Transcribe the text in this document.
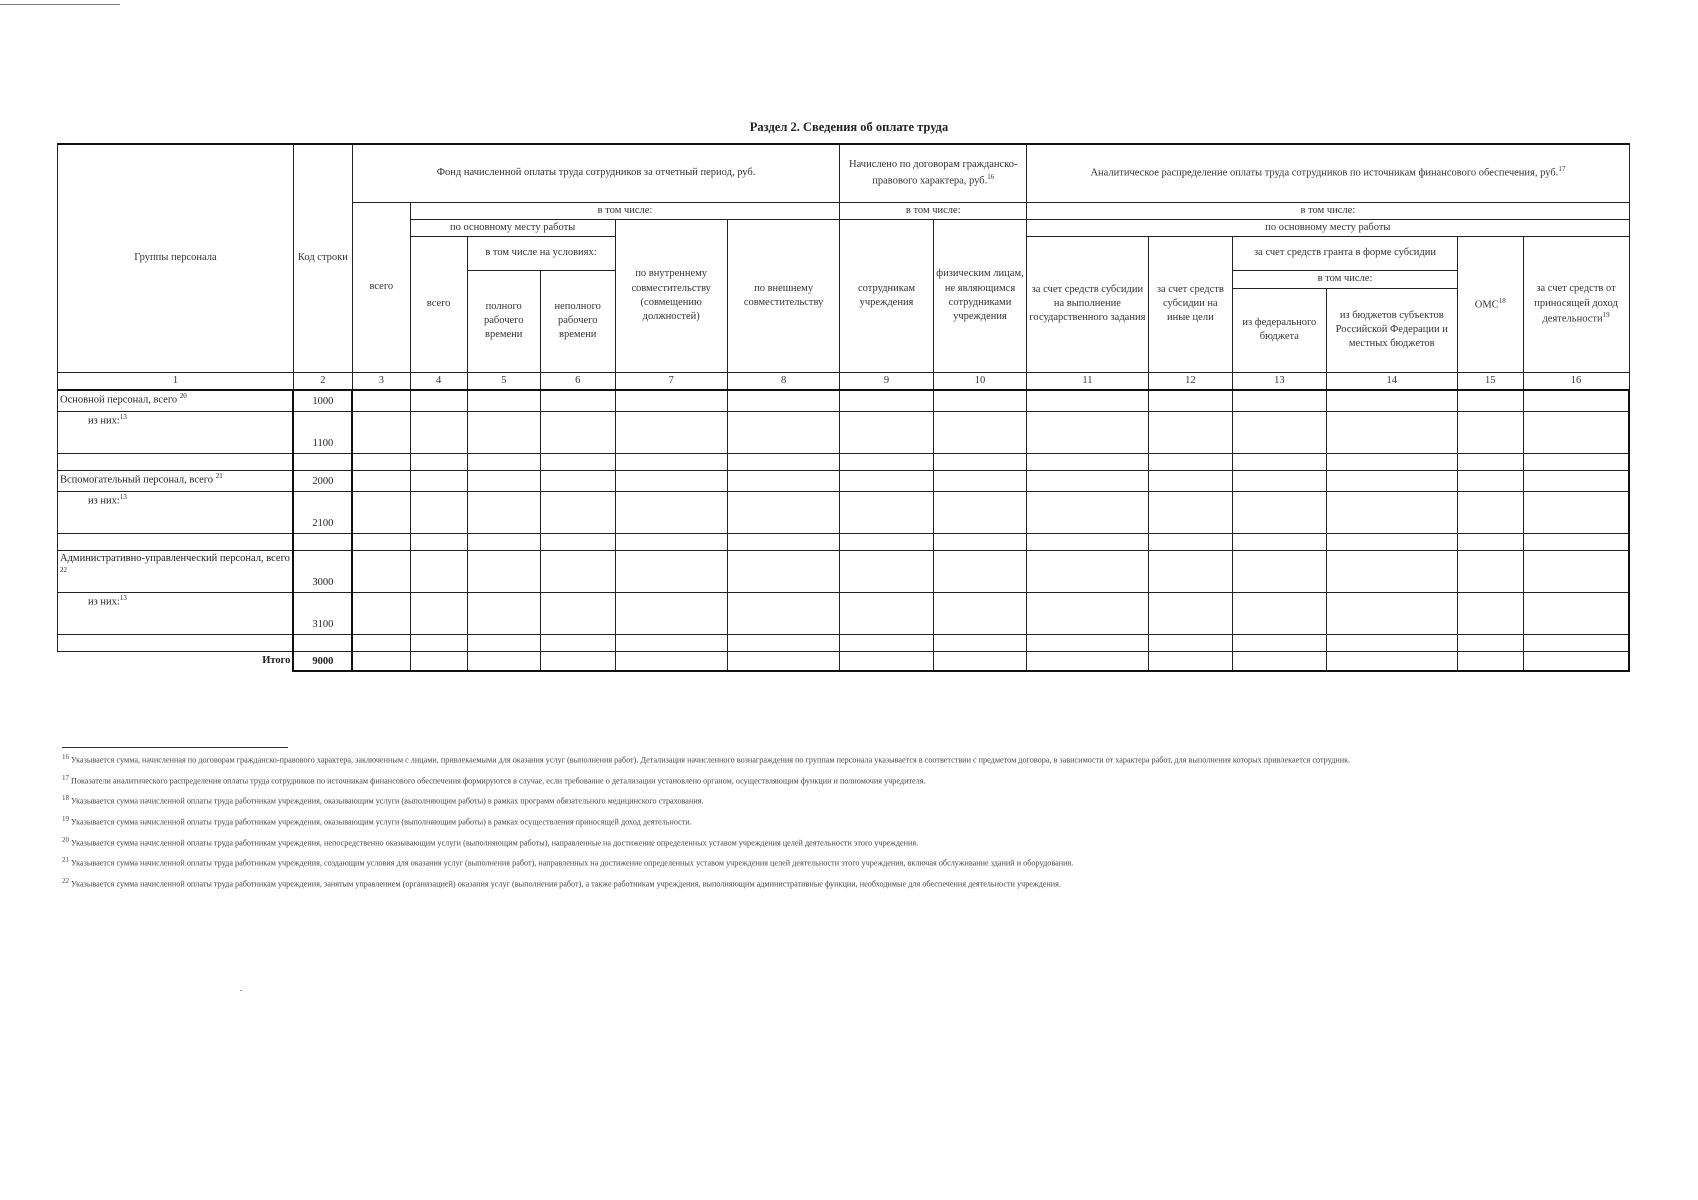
Раздел 2. Сведения об оплате труда
Группы персонала	Код строки	Фонд начисленной оплаты труда сотрудников за отчетный период, руб.						Начислено по договорам гражданско-правового характера, руб.$^{16}$		Аналитическое распределение оплаты труда сотрудников по источникам финансового обеспечения, руб.$^{17}$
		всего	в том числе:					в том числе:		в том числе:					
			по основному месту работы			по внутреннему совместительству (совмещению должностей)	по внешнему совместительству	сотрудникам учреждения	физическим лицам, не являющимся сотрудниками учреждения	по основному месту работы					
			всего	в том числе на условиях:						за счет средств субсидии на выполнение государственного задания	за счет средств субсидии на иные цели	за счет средств гранта в форме субсидии		ОМС$^{18}$	за счет средств от приносящей доход деятельности$^{19}$
				полного рабочего времени	неполного рабочего времени							в том числе:			
												из федерального бюджета	из бюджетов субъектов Российской Федерации и местных бюджетов		
1	2	3	4	5	6	7	8	9	10	11	12	13	14	15	16
Основной персонал, всего $^{20}$	1000														
из них:$^{13}$	1100														

Вспомогательный персонал, всего $^{21}$	2000														
из них:$^{13}$	2100														

Административно-управленческий персонал, всего $^{22}$	3000														
из них:$^{13}$	3100														

Итого	9000														

$^{16}$ Указывается сумма, начисленная по договорам гражданско-правового характера, заключенным с лицами, привлекаемыми для оказания услуг (выполнения работ). Детализация начисленного вознаграждения по группам персонала указывается в соответствии с предметом договора, в зависимости от характера работ, для выполнения которых привлекается сотрудник.

$^{17}$ Показатели аналитического распределения оплаты труда сотрудников по источникам финансового обеспечения формируются в случае, если требование о детализации установлено органом, осуществляющим функции и полномочия учредителя.

$^{18}$ Указывается сумма начисленной оплаты труда работникам учреждения, оказывающим услуги (выполняющим работы) в рамках программ обязательного медицинского страхования.

$^{19}$ Указывается сумма начисленной оплаты труда работникам учреждения, оказывающим услуги (выполняющим работы) в рамках осуществления приносящей доход деятельности.

$^{20}$ Указывается сумма начисленной оплаты труда работникам учреждения, непосредственно оказывающим услуги (выполняющим работы), направленные на достижение определенных уставом учреждения целей деятельности этого учреждения.

$^{21}$ Указывается сумма начисленной оплаты труда работникам учреждения, создающим условия для оказания услуг (выполнения работ), направленных на достижение определенных уставом учреждения целей деятельности этого учреждения, включая обслуживание зданий и оборудования.

$^{22}$ Указывается сумма начисленной оплаты труда работникам учреждения, занятым управлением (организацией) оказания услуг (выполнения работ), а также работникам учреждения, выполняющим административные функции, необходимые для обеспечения деятельности учреждения.
